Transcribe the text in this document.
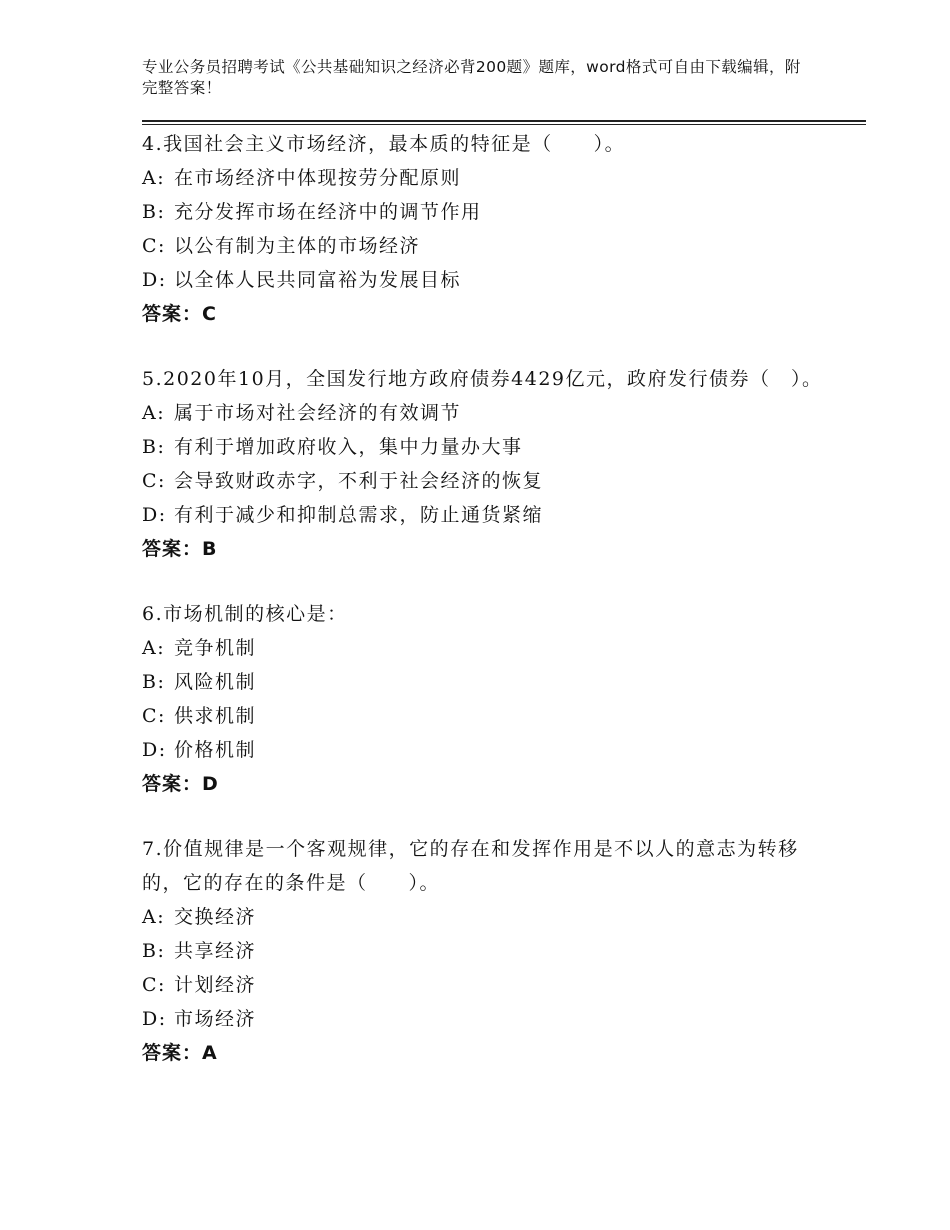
专业公务员招聘考试《公共基础知识之经济必背200题》题库，word格式可自由下载编辑，附完整答案！
4.我国社会主义市场经济，最本质的特征是（　　）。
A: 在市场经济中体现按劳分配原则
B: 充分发挥市场在经济中的调节作用
C: 以公有制为主体的市场经济
D: 以全体人民共同富裕为发展目标
答案：C
5.2020年10月，全国发行地方政府债券4429亿元，政府发行债券（　）。
A: 属于市场对社会经济的有效调节
B: 有利于增加政府收入，集中力量办大事
C: 会导致财政赤字，不利于社会经济的恢复
D: 有利于减少和抑制总需求，防止通货紧缩
答案：B
6.市场机制的核心是：
A: 竞争机制
B: 风险机制
C: 供求机制
D: 价格机制
答案：D
7.价值规律是一个客观规律，它的存在和发挥作用是不以人的意志为转移的，它的存在的条件是（　　）。
A: 交换经济
B: 共享经济
C: 计划经济
D: 市场经济
答案：A
